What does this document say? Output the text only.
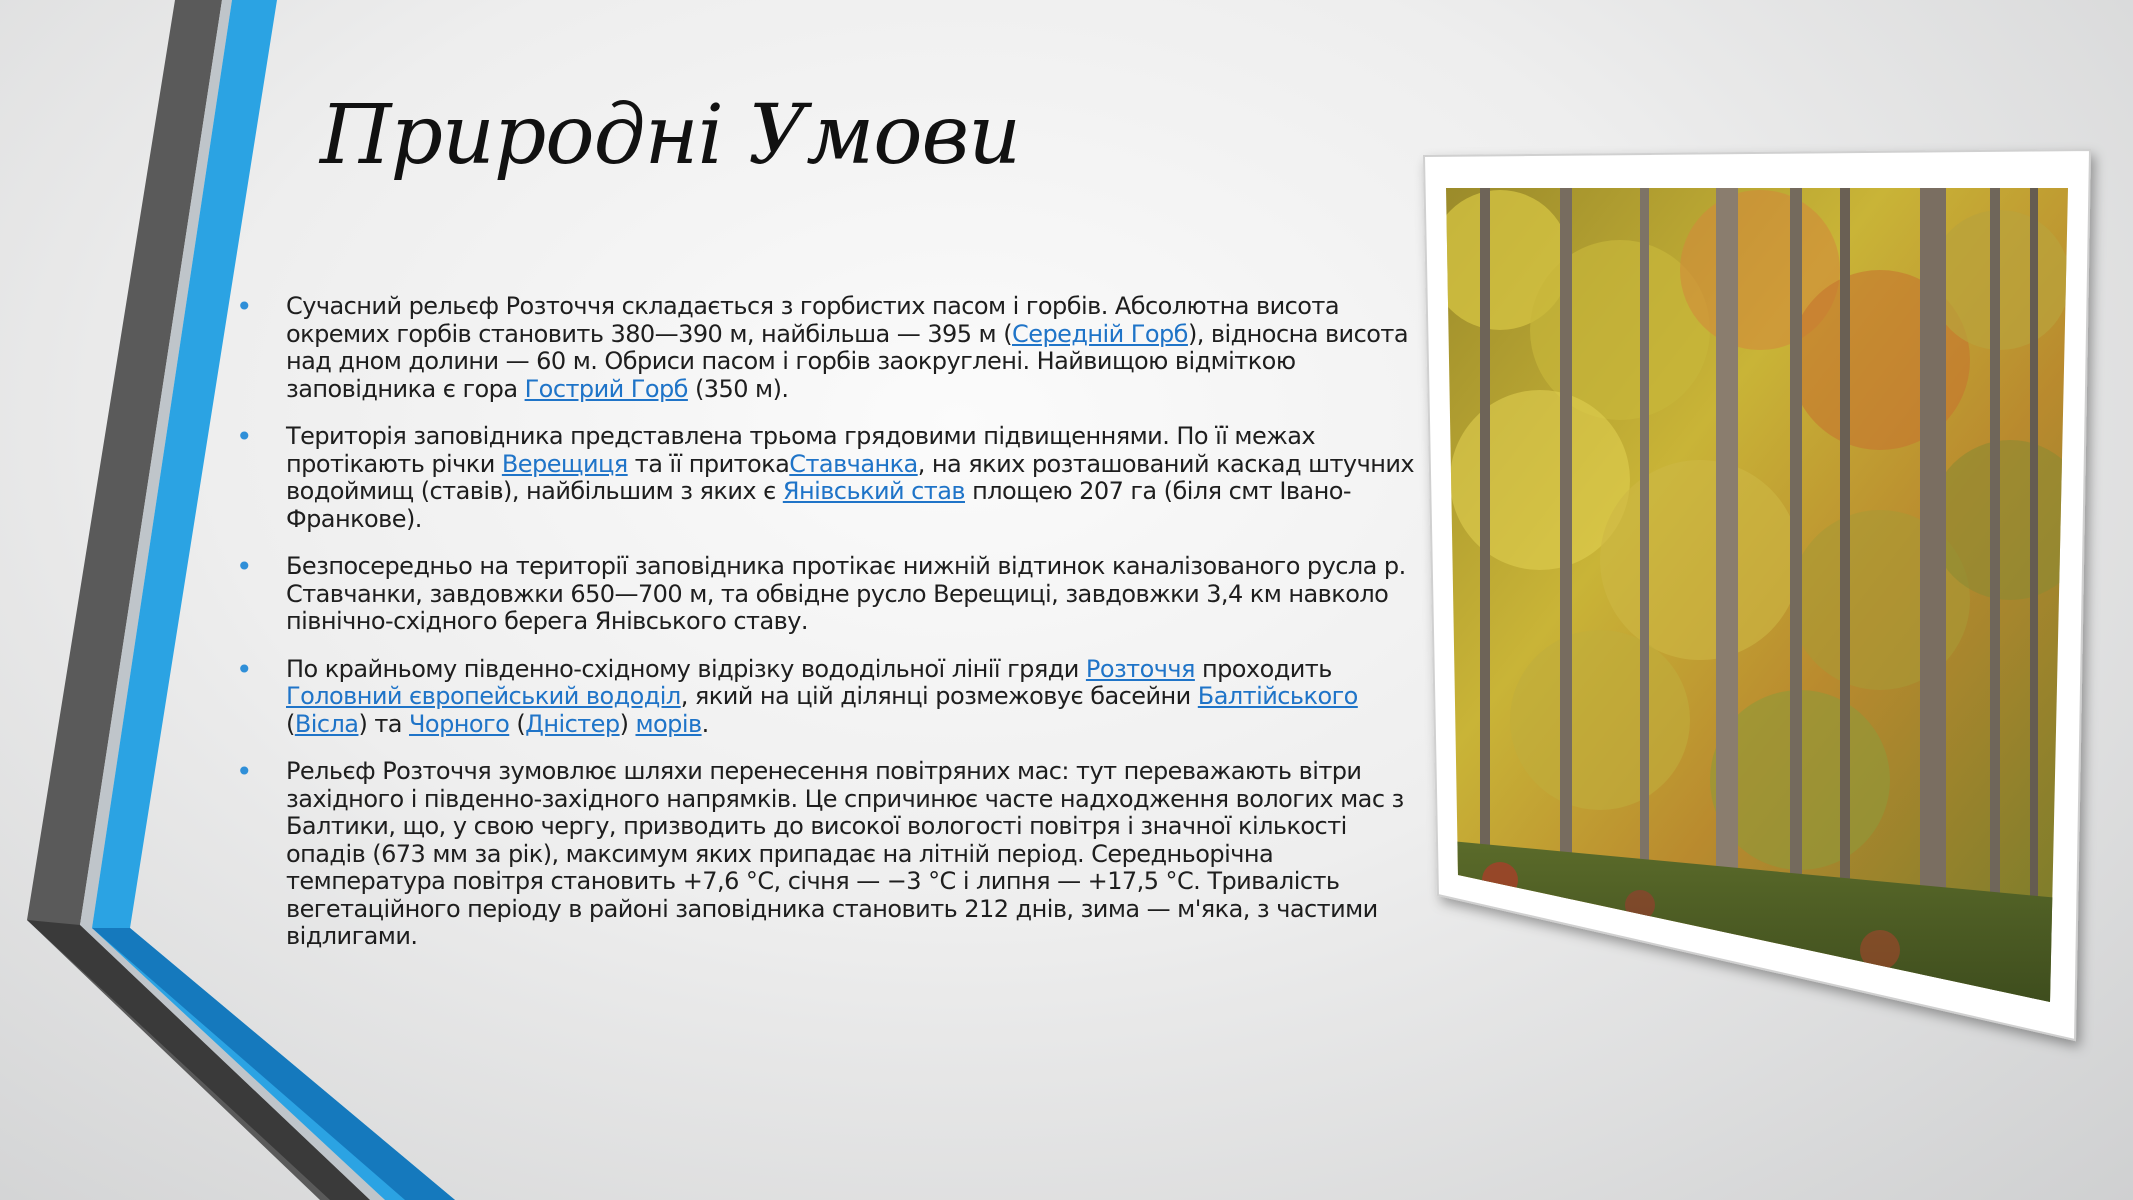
Природні Умови
• Сучасний рельєф Розточчя складається з горбистих пасом і горбів. Абсолютна висота окремих горбів становить 380—390 м, найбільша — 395 м (Середній Горб), відносна висота над дном долини — 60 м. Обриси пасом і горбів заокруглені. Найвищою відміткою заповідника є гора Гострий Горб (350 м).
• Територія заповідника представлена трьома грядовими підвищеннями. По її межах протікають річки Верещиця та її притокаСтавчанка, на яких розташований каскад штучних водоймищ (ставів), найбільшим з яких є Янівський став площею 207 га (біля смт Івано-Франкове).
• Безпосередньо на території заповідника протікає нижній відтинок каналізованого русла р. Ставчанки, завдовжки 650—700 м, та обвідне русло Верещиці, завдовжки 3,4 км навколо північно-східного берега Янівського ставу.
• По крайньому південно-східному відрізку вододільної лінії гряди Розточчя проходить Головний європейський вододіл, який на цій ділянці розмежовує басейни Балтійського (Вісла) та Чорного (Дністер) морів.
• Рельєф Розточчя зумовлює шляхи перенесення повітряних мас: тут переважають вітри західного і південно-західного напрямків. Це спричинює часте надходження вологих мас з Балтики, що, у свою чергу, призводить до високої вологості повітря і значної кількості опадів (673 мм за рік), максимум яких припадає на літній період. Середньорічна температура повітря становить +7,6 °С, січня — −3 °С і липня — +17,5 °С. Тривалість вегетаційного періоду в районі заповідника становить 212 днів, зима — м'яка, з частими відлигами.
